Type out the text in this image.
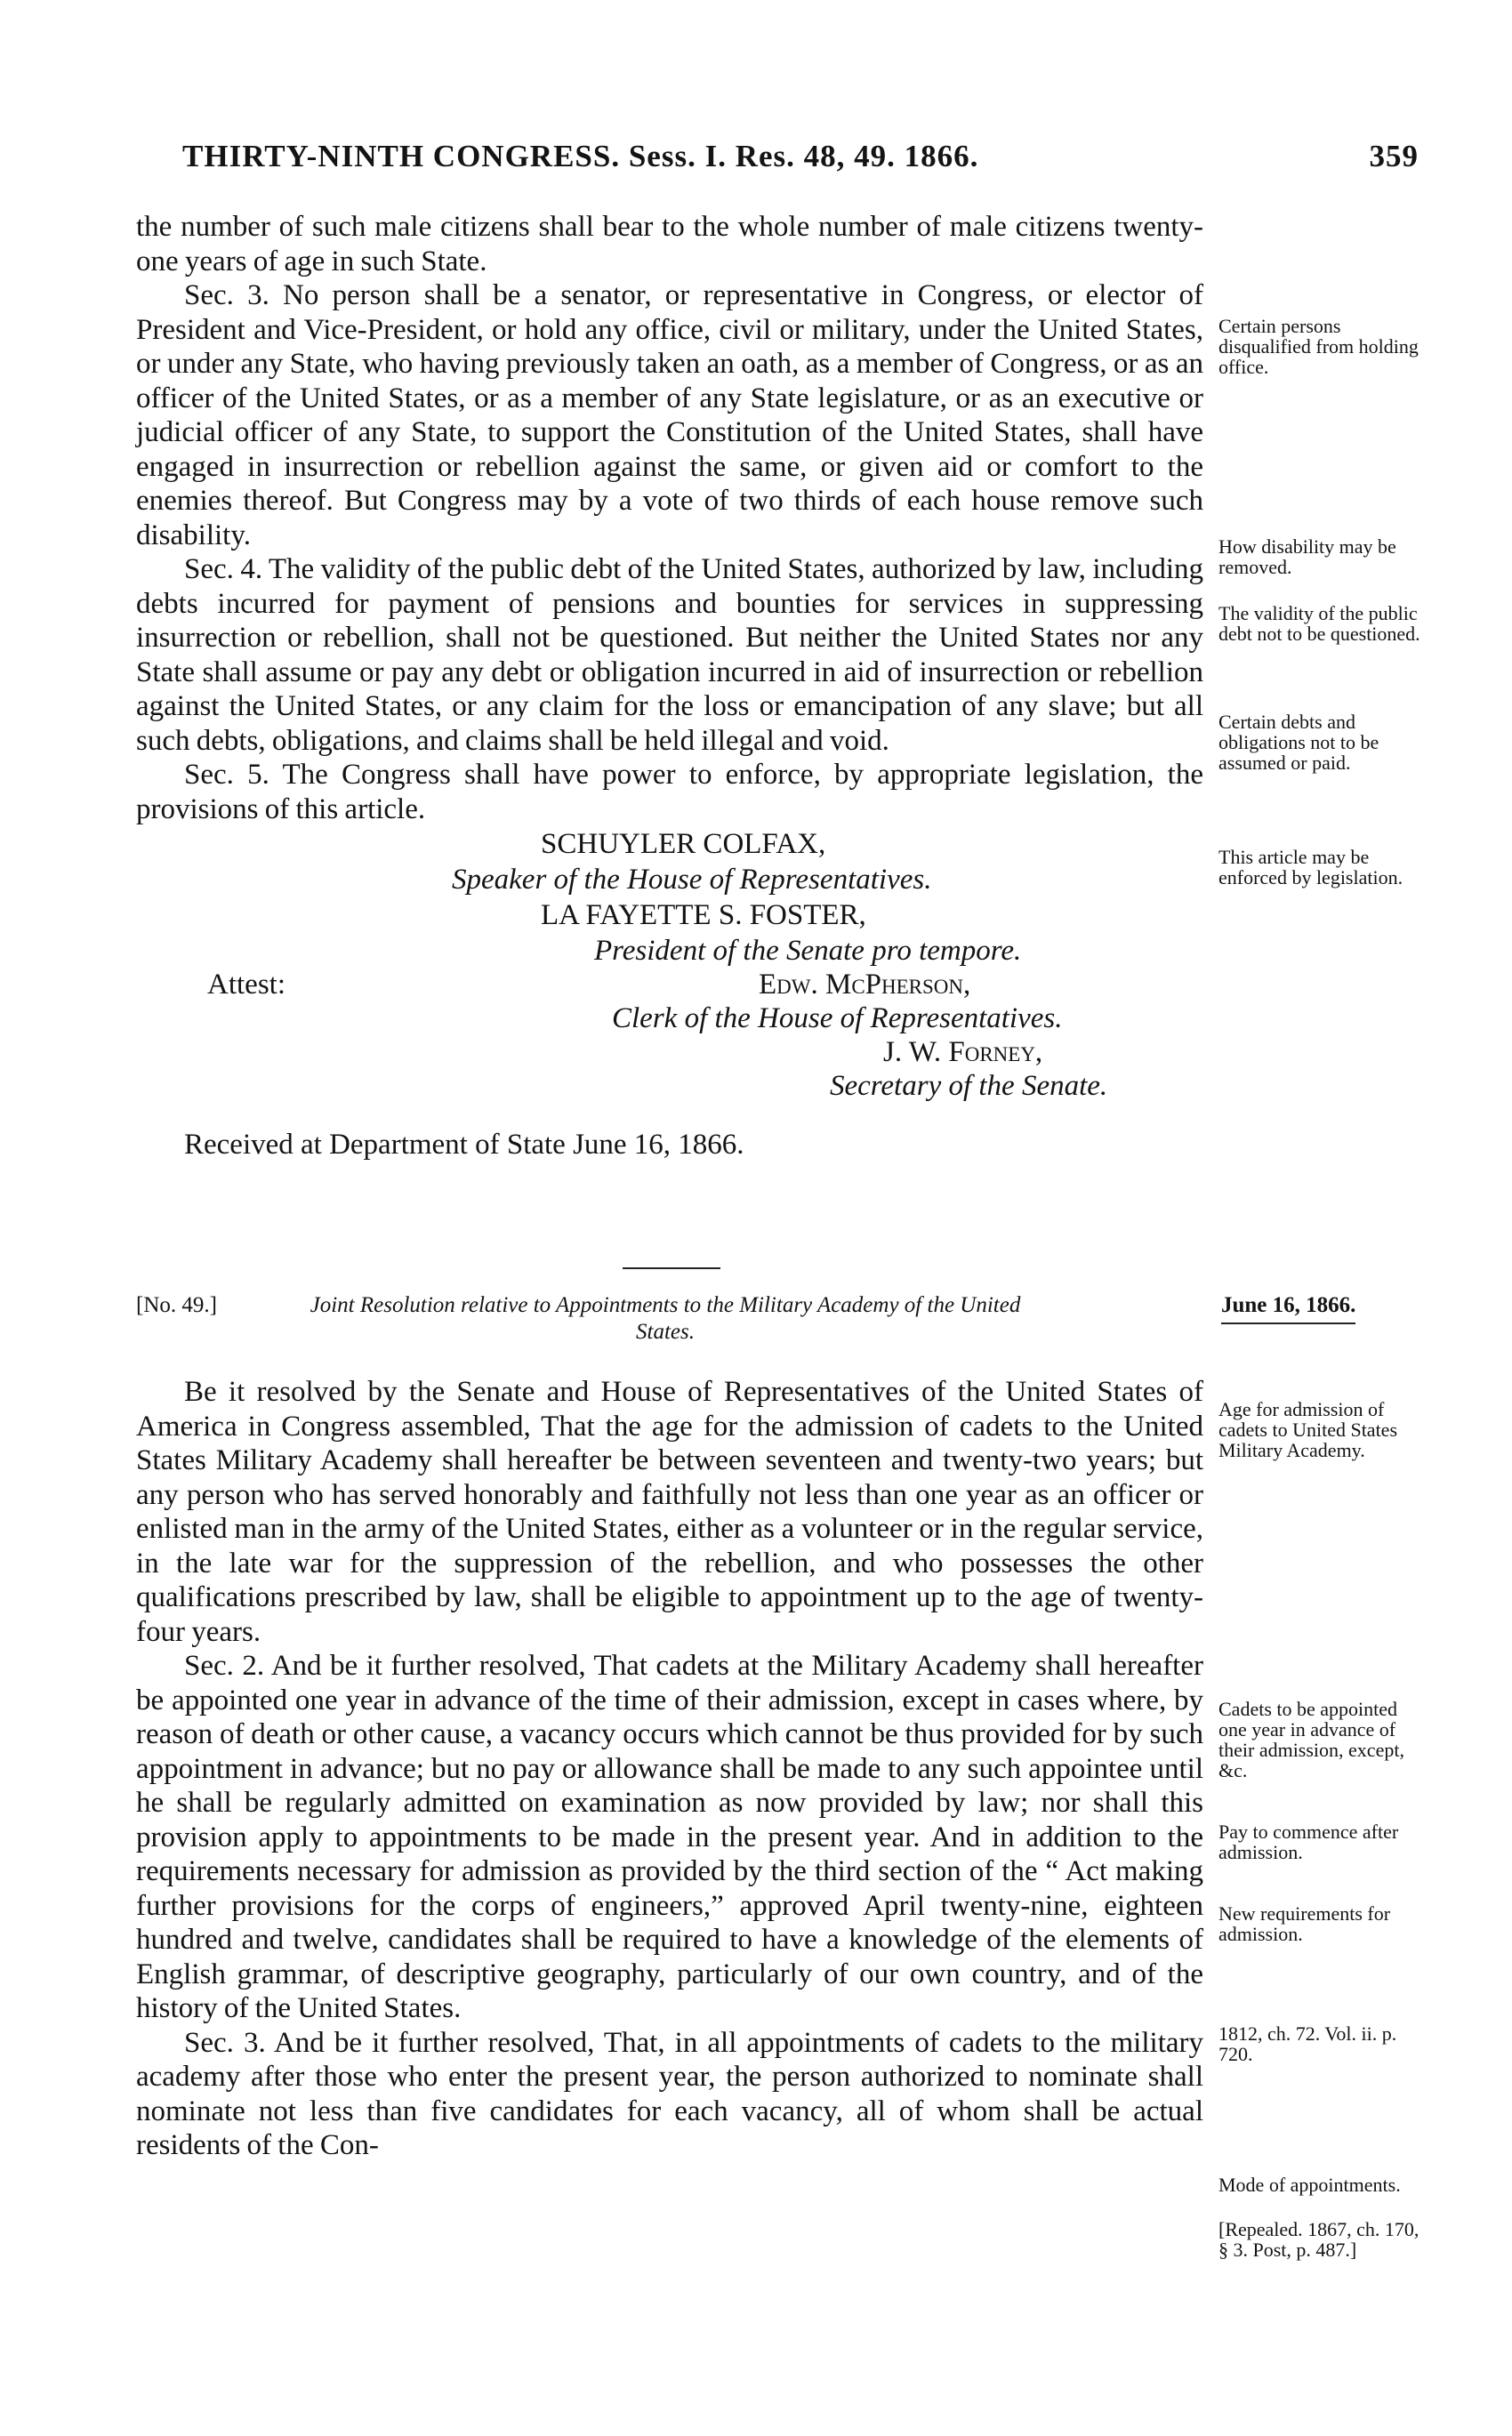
THIRTY-NINTH CONGRESS. Sess. I. Res. 48, 49. 1866.	359

the number of such male citizens shall bear to the whole number of male citizens twenty-one years of age in such State.

Sec. 3. No person shall be a senator, or representative in Congress, or elector of President and Vice-President, or hold any office, civil or military, under the United States, or under any State, who having previously taken an oath, as a member of Congress, or as an officer of the United States, or as a member of any State legislature, or as an executive or judicial officer of any State, to support the Constitution of the United States, shall have engaged in insurrection or rebellion against the same, or given aid or comfort to the enemies thereof. But Congress may by a vote of two thirds of each house remove such disability.

Sec. 4. The validity of the public debt of the United States, authorized by law, including debts incurred for payment of pensions and bounties for services in suppressing insurrection or rebellion, shall not be questioned. But neither the United States nor any State shall assume or pay any debt or obligation incurred in aid of insurrection or rebellion against the United States, or any claim for the loss or emancipation of any slave; but all such debts, obligations, and claims shall be held illegal and void.

Sec. 5. The Congress shall have power to enforce, by appropriate legislation, the provisions of this article.

SCHUYLER COLFAX,
Speaker of the House of Representatives.
LA FAYETTE S. FOSTER,
President of the Senate pro tempore.
Attest:	Edw. McPherson,
Clerk of the House of Representatives.
J. W. Forney,
Secretary of the Senate.
Received at Department of State June 16, 1866.
[No. 49.]	Joint Resolution relative to Appointments to the Military Academy of the United States.
June 16, 1866.

Be it resolved by the Senate and House of Representatives of the United States of America in Congress assembled, That the age for the admission of cadets to the United States Military Academy shall hereafter be between seventeen and twenty-two years; but any person who has served honorably and faithfully not less than one year as an officer or enlisted man in the army of the United States, either as a volunteer or in the regular service, in the late war for the suppression of the rebellion, and who possesses the other qualifications prescribed by law, shall be eligible to appointment up to the age of twenty-four years.

Sec. 2. And be it further resolved, That cadets at the Military Academy shall hereafter be appointed one year in advance of the time of their admission, except in cases where, by reason of death or other cause, a vacancy occurs which cannot be thus provided for by such appointment in advance; but no pay or allowance shall be made to any such appointee until he shall be regularly admitted on examination as now provided by law; nor shall this provision apply to appointments to be made in the present year. And in addition to the requirements necessary for admission as provided by the third section of the “ Act making further provisions for the corps of engineers,” approved April twenty-nine, eighteen hundred and twelve, candidates shall be required to have a knowledge of the elements of English grammar, of descriptive geography, particularly of our own country, and of the history of the United States.

Sec. 3. And be it further resolved, That, in all appointments of cadets to the military academy after those who enter the present year, the person authorized to nominate shall nominate not less than five candidates for each vacancy, all of whom shall be actual residents of the Con-

Certain persons disqualified from holding office.
How disability may be removed.
The validity of the public debt not to be questioned.
Certain debts and obligations not to be assumed or paid.
This article may be enforced by legislation.
Age for admission of cadets to United States Military Academy.
Cadets to be appointed one year in advance of their admission, except, &c.
Pay to commence after admission.
New requirements for admission.
1812, ch. 72. Vol. ii. p. 720.
Mode of appointments.
[Repealed. 1867, ch. 170, § 3. Post, p. 487.]
